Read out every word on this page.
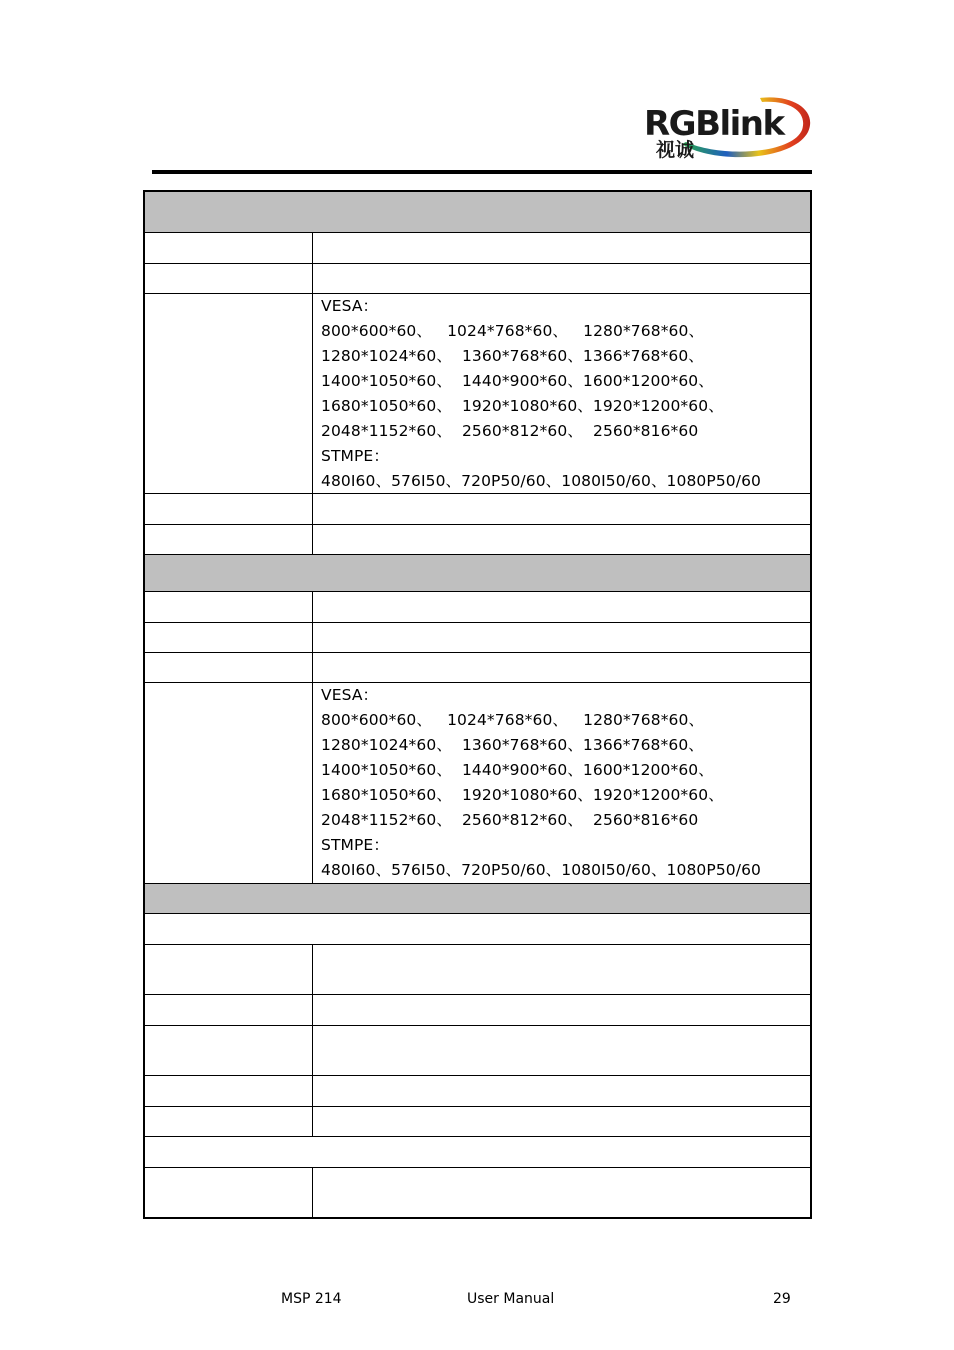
RGBlink
视诚
VESA：
800*600*60、   1024*768*60、   1280*768*60、
1280*1024*60、  1360*768*60、1366*768*60、
1400*1050*60、  1440*900*60、1600*1200*60、
1680*1050*60、  1920*1080*60、1920*1200*60、
2048*1152*60、  2560*812*60、  2560*816*60
STMPE：
480I60、576I50、720P50/60、1080I50/60、1080P50/60
VESA：
800*600*60、   1024*768*60、   1280*768*60、
1280*1024*60、  1360*768*60、1366*768*60、
1400*1050*60、  1440*900*60、1600*1200*60、
1680*1050*60、  1920*1080*60、1920*1200*60、
2048*1152*60、  2560*812*60、  2560*816*60
STMPE：
480I60、576I50、720P50/60、1080I50/60、1080P50/60
MSP 214	User Manual	29
